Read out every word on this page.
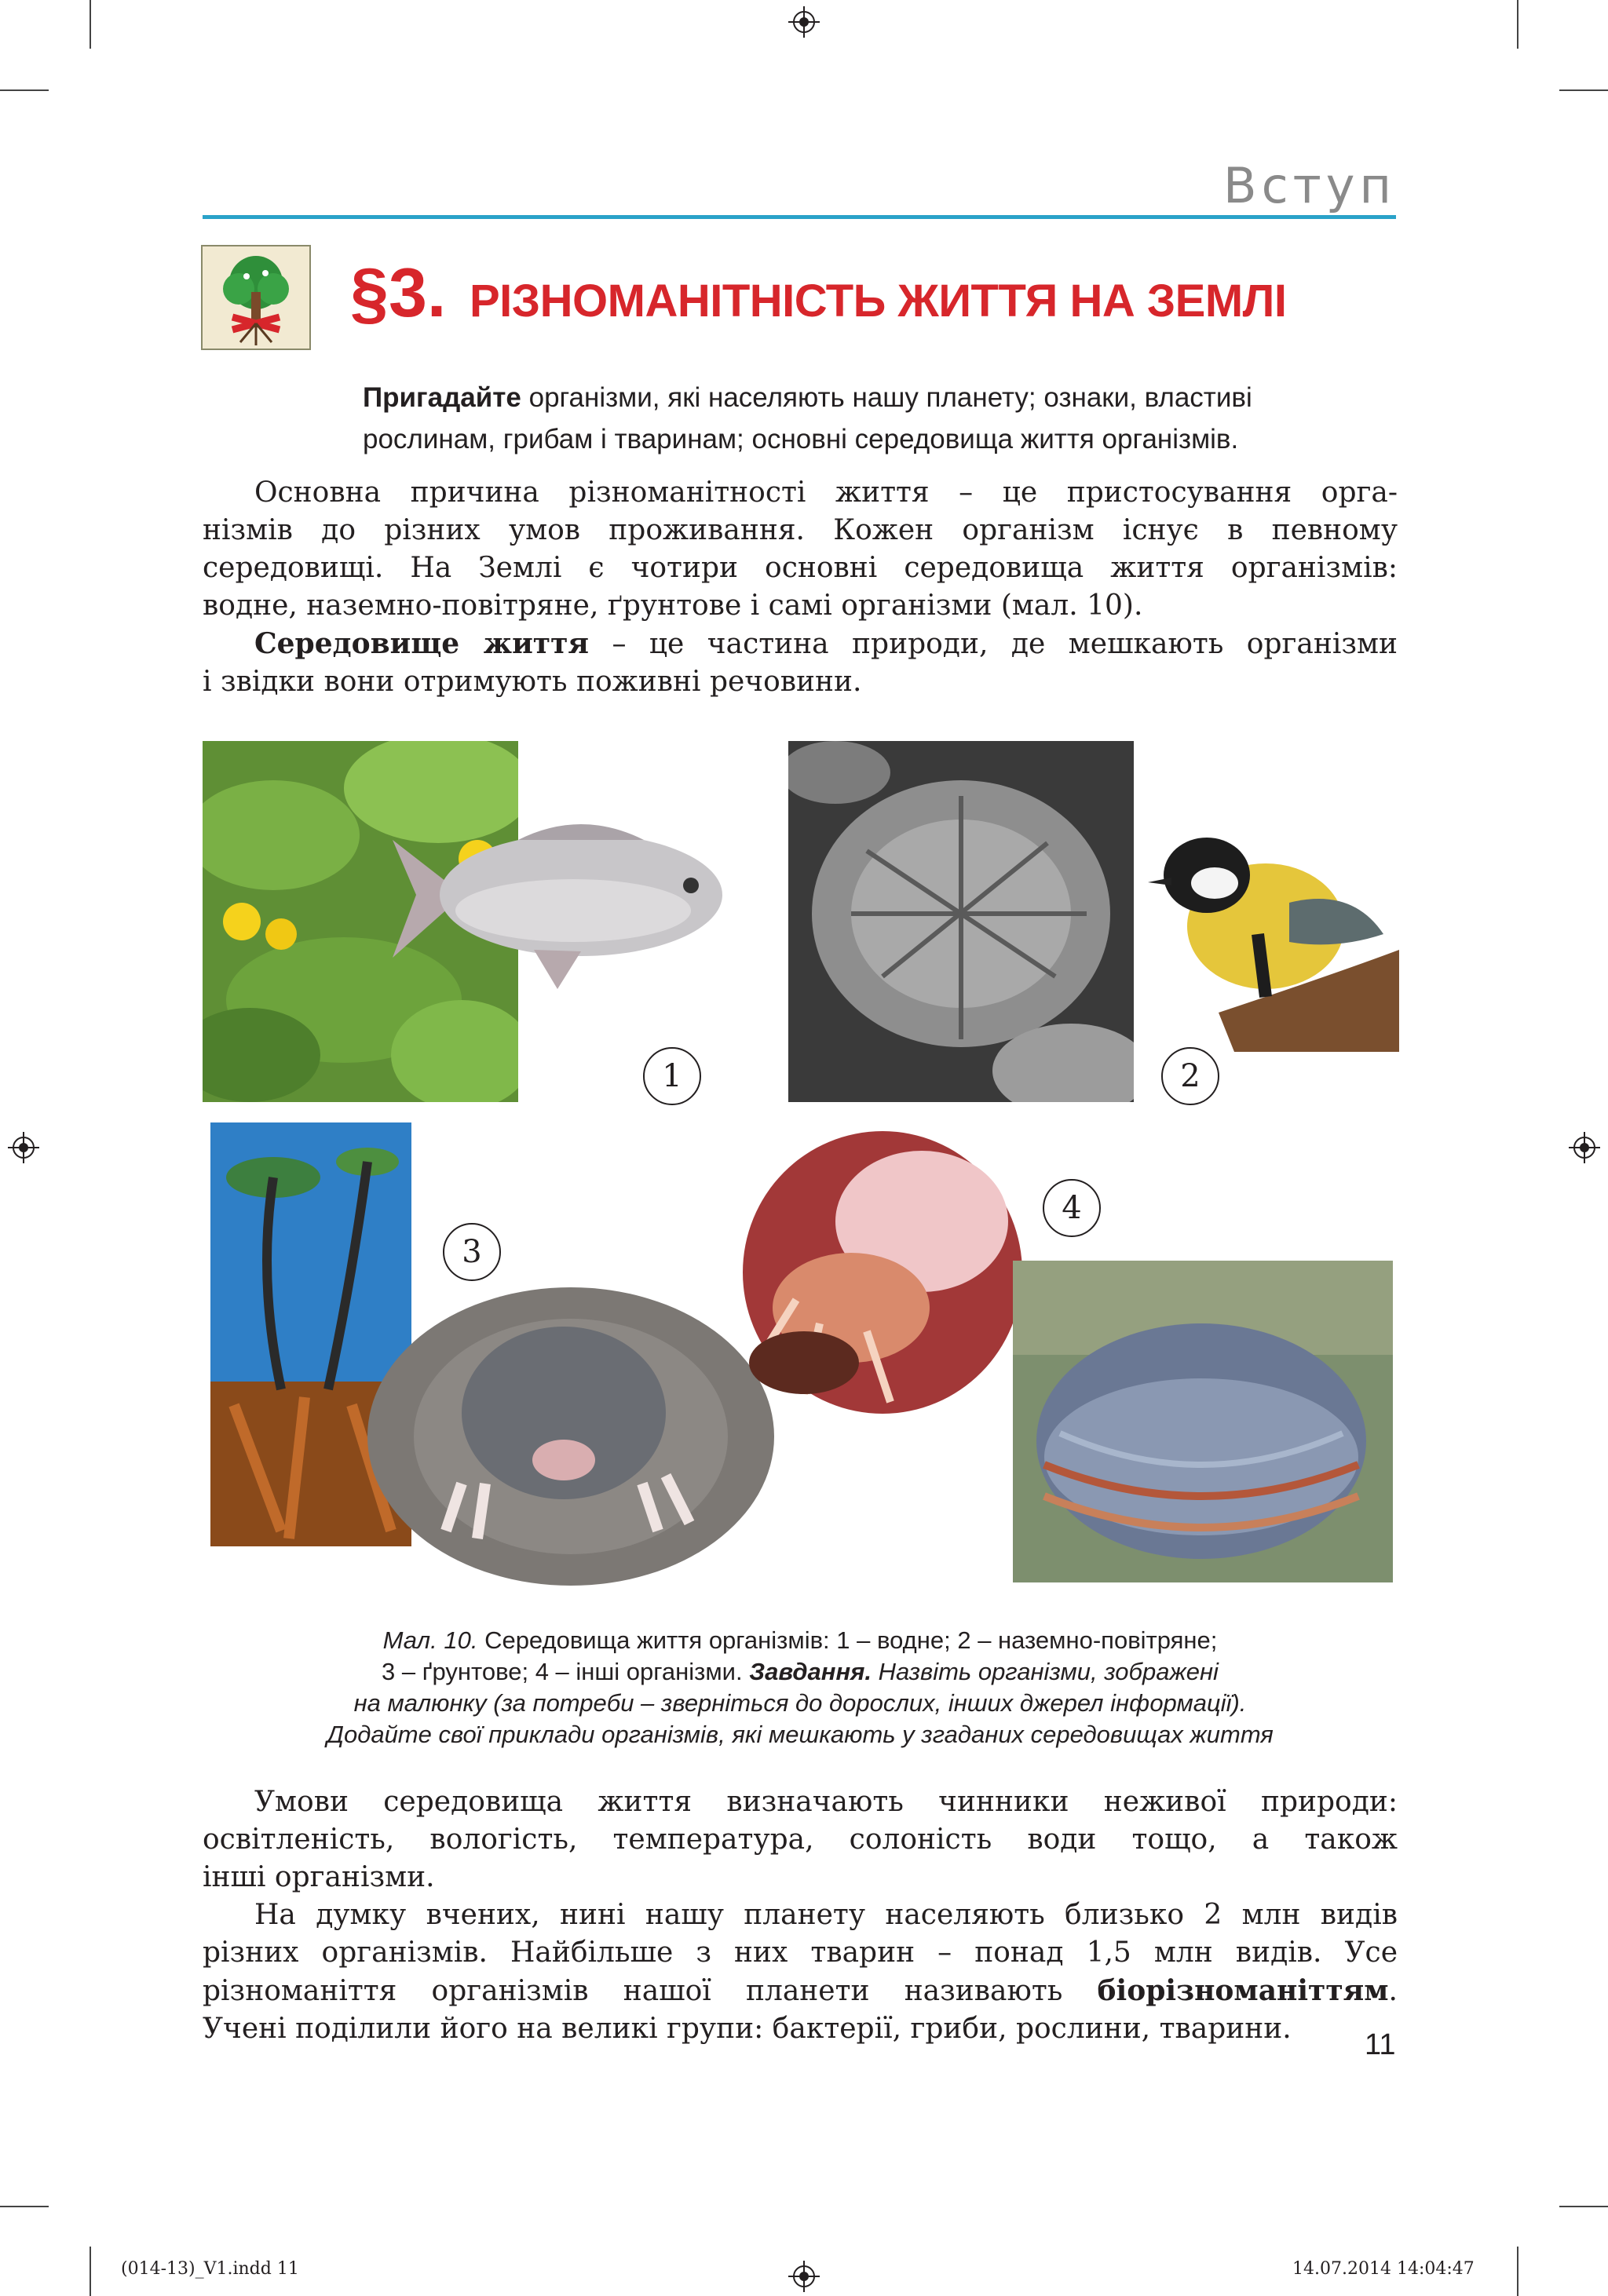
Вступ
§3. РІЗНОМАНІТНІСТЬ ЖИТТЯ НА ЗЕМЛІ
Пригадайте організми, які населяють нашу планету; ознаки, властиві
рослинам, грибам і тваринам; основні середовища життя організмів.
Основна причина різноманітності життя – це пристосування орга-
нізмів до різних умов проживання. Кожен організм існує в певному
середовищі. На Землі є чотири основні середовища життя організмів:
водне, наземно-повітряне, ґрунтове і самі організми (мал. 10).
Середовище життя – це частина природи, де мешкають організми
і звідки вони отримують поживні речовини.
1	2
3
4
Мал. 10. Середовища життя організмів: 1 – водне; 2 – наземно-повітряне;
3 – ґрунтове; 4 – інші організми. Завдання. Назвіть організми, зображені
на малюнку (за потреби – зверніться до дорослих, інших джерел інформації).
Додайте свої приклади організмів, які мешкають у згаданих середовищах життя
Умови середовища життя визначають чинники неживої природи:
освітленість, вологість, температура, солоність води тощо, а також
інші організми.
На думку вчених, нині нашу планету населяють близько 2 млн видів
різних організмів. Найбільше з них тварин – понад 1,5 млн видів. Усе
різноманіття організмів нашої планети називають біорізноманіттям.
Учені поділили його на великі групи: бактерії, гриби, рослини, тварини.	11
(014-13)_V1.indd 11	14.07.2014 14:04:47
